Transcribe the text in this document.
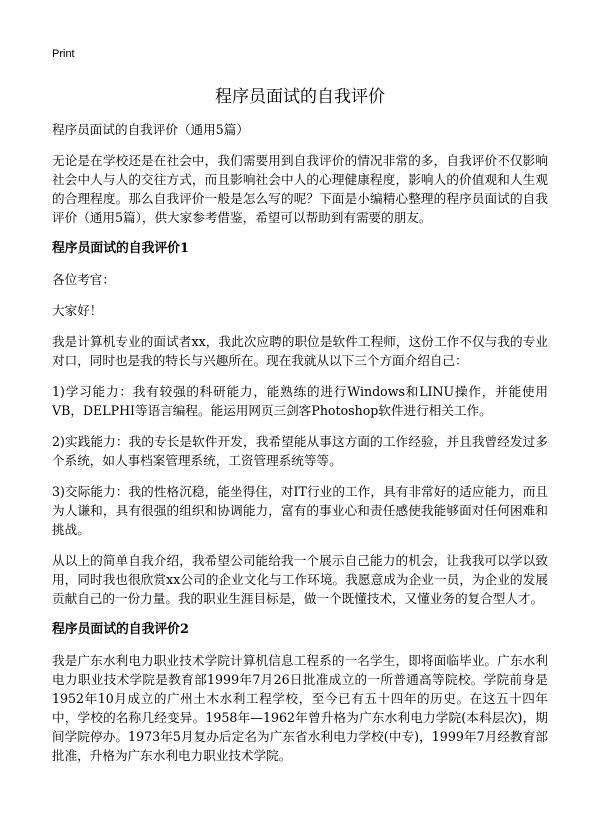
Print
程序员面试的自我评价

程序员面试的自我评价（通用5篇）

无论是在学校还是在社会中，我们需要用到自我评价的情况非常的多，自我评价不仅影响社会中人与人的交往方式，而且影响社会中人的心理健康程度，影响人的价值观和人生观的合理程度。那么自我评价一般是怎么写的呢？下面是小编精心整理的程序员面试的自我评价（通用5篇），供大家参考借鉴，希望可以帮助到有需要的朋友。

程序员面试的自我评价1

各位考官：

大家好！

我是计算机专业的面试者xx，我此次应聘的职位是软件工程师，这份工作不仅与我的专业对口，同时也是我的特长与兴趣所在。现在我就从以下三个方面介绍自己：

1)学习能力：我有较强的科研能力，能熟练的进行Windows和LINU操作，并能使用VB，DELPHI等语言编程。能运用网页三剑客Photoshop软件进行相关工作。

2)实践能力：我的专长是软件开发，我希望能从事这方面的工作经验，并且我曾经发过多个系统，如人事档案管理系统，工资管理系统等等。

3)交际能力：我的性格沉稳，能坐得住，对IT行业的工作，具有非常好的适应能力，而且为人谦和，具有很强的组织和协调能力，富有的事业心和责任感使我能够面对任何困难和挑战。

从以上的简单自我介绍，我希望公司能给我一个展示自己能力的机会，让我我可以学以致用，同时我也很欣赏xx公司的企业文化与工作环境。我愿意成为企业一员，为企业的发展贡献自己的一份力量。我的职业生涯目标是，做一个既懂技术，又懂业务的复合型人才。

程序员面试的自我评价2

我是广东水利电力职业技术学院计算机信息工程系的一名学生，即将面临毕业。广东水利电力职业技术学院是教育部1999年7月26日批准成立的一所普通高等院校。学院前身是1952年10月成立的广州土木水利工程学校，至今已有五十四年的历史。在这五十四年中，学校的名称几经变异。1958年—1962年曾升格为广东水利电力学院(本科层次)，期间学院停办。1973年5月复办后定名为广东省水利电力学校(中专)，1999年7月经教育部批准，升格为广东水利电力职业技术学院。
